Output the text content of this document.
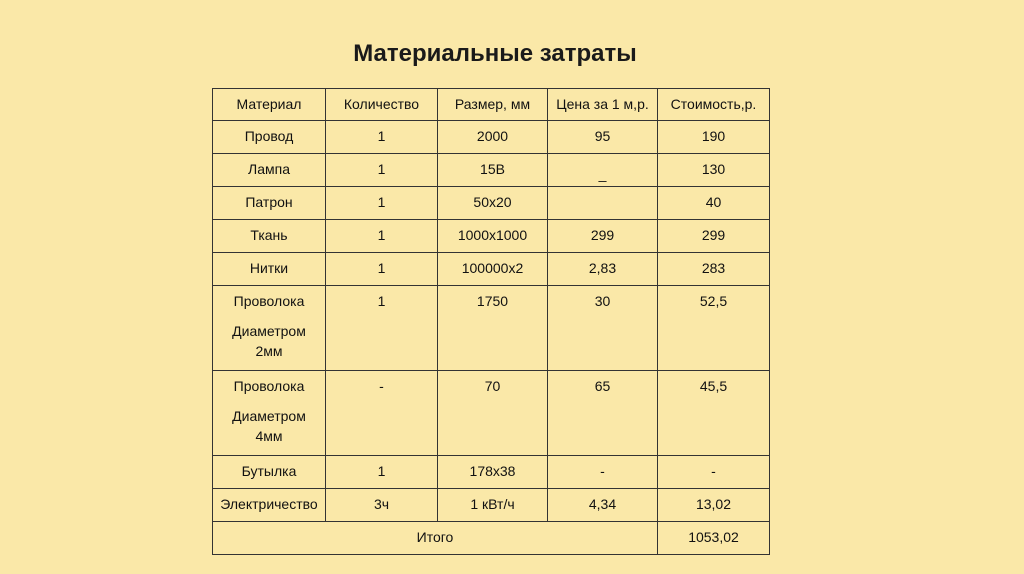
Материальные затраты
Материал	Количество	Размер, мм	Цена за 1 м,р.	Стоимость,р.
Провод	1	2000	95	190
Лампа	1	15В	_	130
Патрон	1	50х20		40
Ткань	1	1000х1000	299	299
Нитки	1	100000х2	2,83	283

Проволока
Диаметром
2мм	1	1750	30	52,5

Проволока
Диаметром
4мм	-	70	65	45,5
Бутылка	1	178х38	-	-
Электричество	3ч	1 кВт/ч	4,34	13,02
Итого				1053,02
